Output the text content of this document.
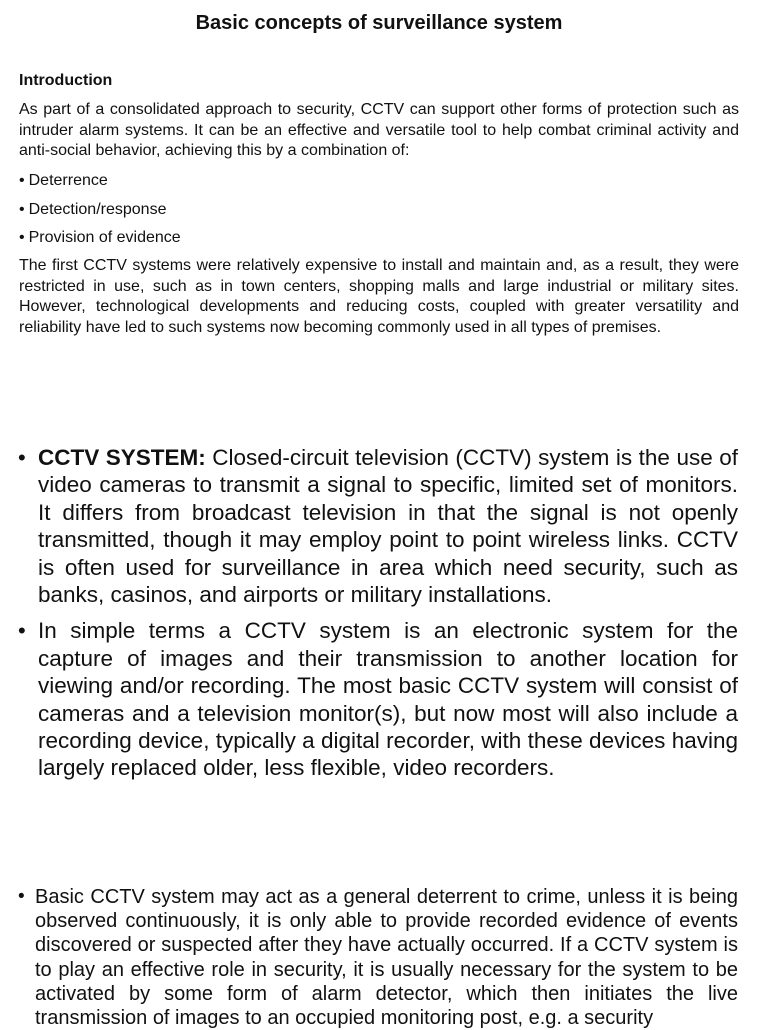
Basic concepts of surveillance system
Introduction

As part of a consolidated approach to security, CCTV can support other forms of protection such as intruder alarm systems. It can be an effective and versatile tool to help combat criminal activity and anti-social behavior, achieving this by a combination of:

• Deterrence
• Detection/response
• Provision of evidence

The first CCTV systems were relatively expensive to install and maintain and, as a result, they were restricted in use, such as in town centers, shopping malls and large industrial or military sites. However, technological developments and reducing costs, coupled with greater versatility and reliability have led to such systems now becoming commonly used in all types of premises.

• CCTV SYSTEM: Closed-circuit television (CCTV) system is the use of video cameras to transmit a signal to specific, limited set of monitors. It differs from broadcast television in that the signal is not openly transmitted, though it may employ point to point wireless links. CCTV is often used for surveillance in area which need security, such as banks, casinos, and airports or military installations.
• In simple terms a CCTV system is an electronic system for the capture of images and their transmission to another location for viewing and/or recording. The most basic CCTV system will consist of cameras and a television monitor(s), but now most will also include a recording device, typically a digital recorder, with these devices having largely replaced older, less flexible, video recorders.
• Basic CCTV system may act as a general deterrent to crime, unless it is being observed continuously, it is only able to provide recorded evidence of events discovered or suspected after they have actually occurred. If a CCTV system is to play an effective role in security, it is usually necessary for the system to be activated by some form of alarm detector, which then initiates the live transmission of images to an occupied monitoring post, e.g. a security
